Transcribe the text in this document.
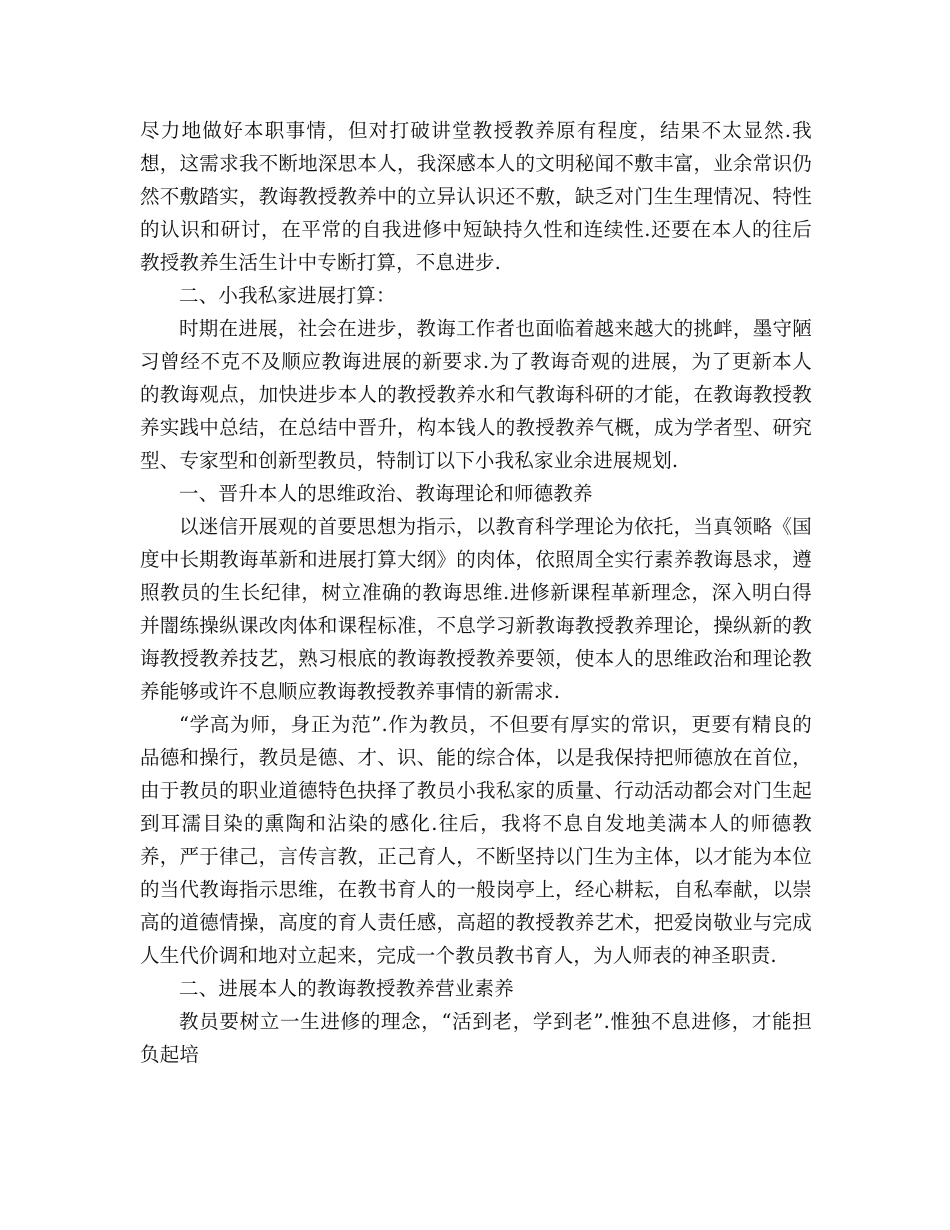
尽力地做好本职事情，但对打破讲堂教授教养原有程度，结果不太显然.我想，这需求我不断地深思本人，我深感本人的文明秘闻不敷丰富，业余常识仍然不敷踏实，教诲教授教养中的立异认识还不敷，缺乏对门生生理情况、特性的认识和研讨，在平常的自我进修中短缺持久性和连续性.还要在本人的往后教授教养生活生计中专断打算，不息进步.

二、小我私家进展打算：

时期在进展，社会在进步，教诲工作者也面临着越来越大的挑衅，墨守陋习曾经不克不及顺应教诲进展的新要求.为了教诲奇观的进展，为了更新本人的教诲观点，加快进步本人的教授教养水和气教诲科研的才能，在教诲教授教养实践中总结，在总结中晋升，构本钱人的教授教养气概，成为学者型、研究型、专家型和创新型教员，特制订以下小我私家业余进展规划.

一、晋升本人的思维政治、教诲理论和师德教养

以迷信开展观的首要思想为指示，以教育科学理论为依托，当真领略《国度中长期教诲革新和进展打算大纲》的肉体，依照周全实行素养教诲恳求，遵照教员的生长纪律，树立准确的教诲思维.进修新课程革新理念，深入明白得并闇练操纵课改肉体和课程标准，不息学习新教诲教授教养理论，操纵新的教诲教授教养技艺，熟习根底的教诲教授教养要领，使本人的思维政治和理论教养能够或许不息顺应教诲教授教养事情的新需求.

“学高为师，身正为范”.作为教员，不但要有厚实的常识，更要有精良的品德和操行，教员是德、才、识、能的综合体，以是我保持把师德放在首位，由于教员的职业道德特色抉择了教员小我私家的质量、行动活动都会对门生起到耳濡目染的熏陶和沾染的感化.往后，我将不息自发地美满本人的师德教养，严于律己，言传言教，正己育人，不断坚持以门生为主体，以才能为本位的当代教诲指示思维，在教书育人的一般岗亭上，经心耕耘，自私奉献，以崇高的道德情操，高度的育人责任感，高超的教授教养艺术，把爱岗敬业与完成人生代价调和地对立起来，完成一个教员教书育人，为人师表的神圣职责.

二、进展本人的教诲教授教养营业素养

教员要树立一生进修的理念，“活到老，学到老”.惟独不息进修，才能担负起培
